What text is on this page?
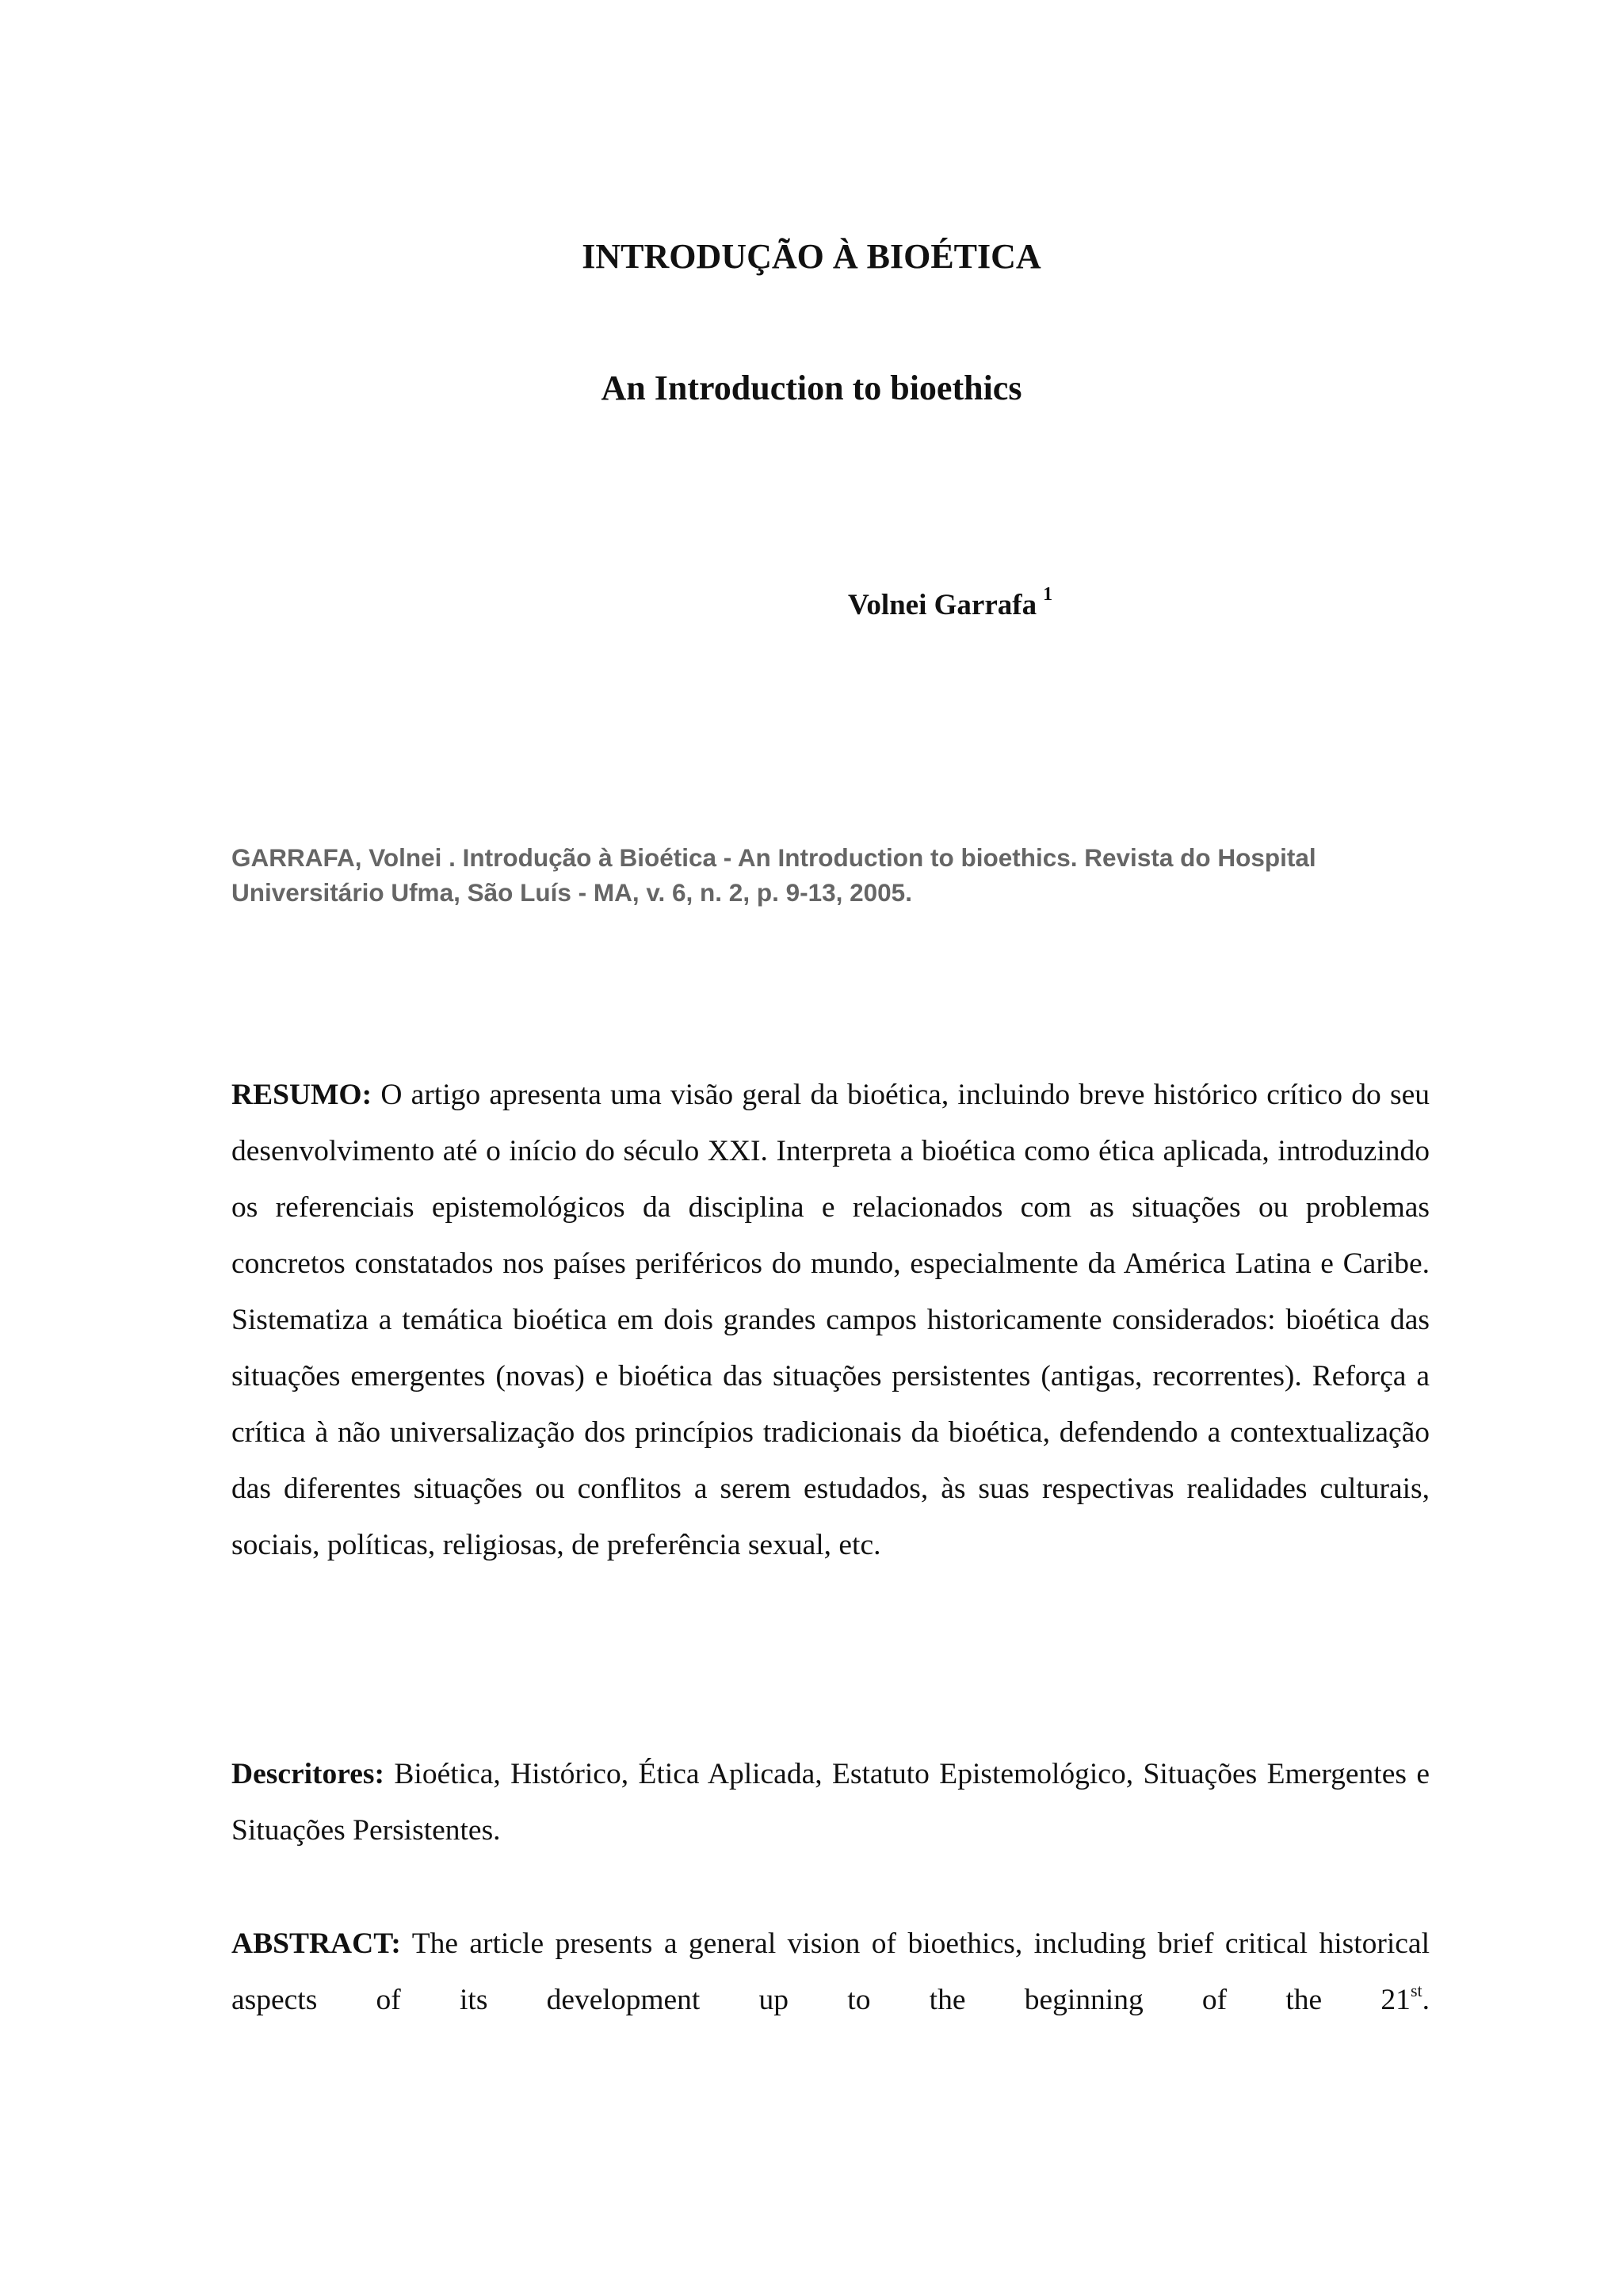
INTRODUÇÃO À BIOÉTICA
An Introduction to bioethics
Volnei Garrafa $^1$

GARRAFA, Volnei . Introdução à Bioética - An Introduction to bioethics. Revista do Hospital Universitário Ufma, São Luís - MA, v. 6, n. 2, p. 9-13, 2005.

RESUMO: O artigo apresenta uma visão geral da bioética, incluindo breve histórico crítico do seu desenvolvimento até o início do século XXI. Interpreta a bioética como ética aplicada, introduzindo os referenciais epistemológicos da disciplina e relacionados com as situações ou problemas concretos constatados nos países periféricos do mundo, especialmente da América Latina e Caribe. Sistematiza a temática bioética em dois grandes campos historicamente considerados: bioética das situações emergentes (novas) e bioética das situações persistentes (antigas, recorrentes). Reforça a crítica à não universalização dos princípios tradicionais da bioética, defendendo a contextualização das diferentes situações ou conflitos a serem estudados, às suas respectivas realidades culturais, sociais, políticas, religiosas, de preferência sexual, etc.

Descritores: Bioética, Histórico, Ética Aplicada, Estatuto Epistemológico, Situações Emergentes e Situações Persistentes.

ABSTRACT: The article presents a general vision of bioethics, including brief critical historical aspects of its development up to the beginning of the 21st.
